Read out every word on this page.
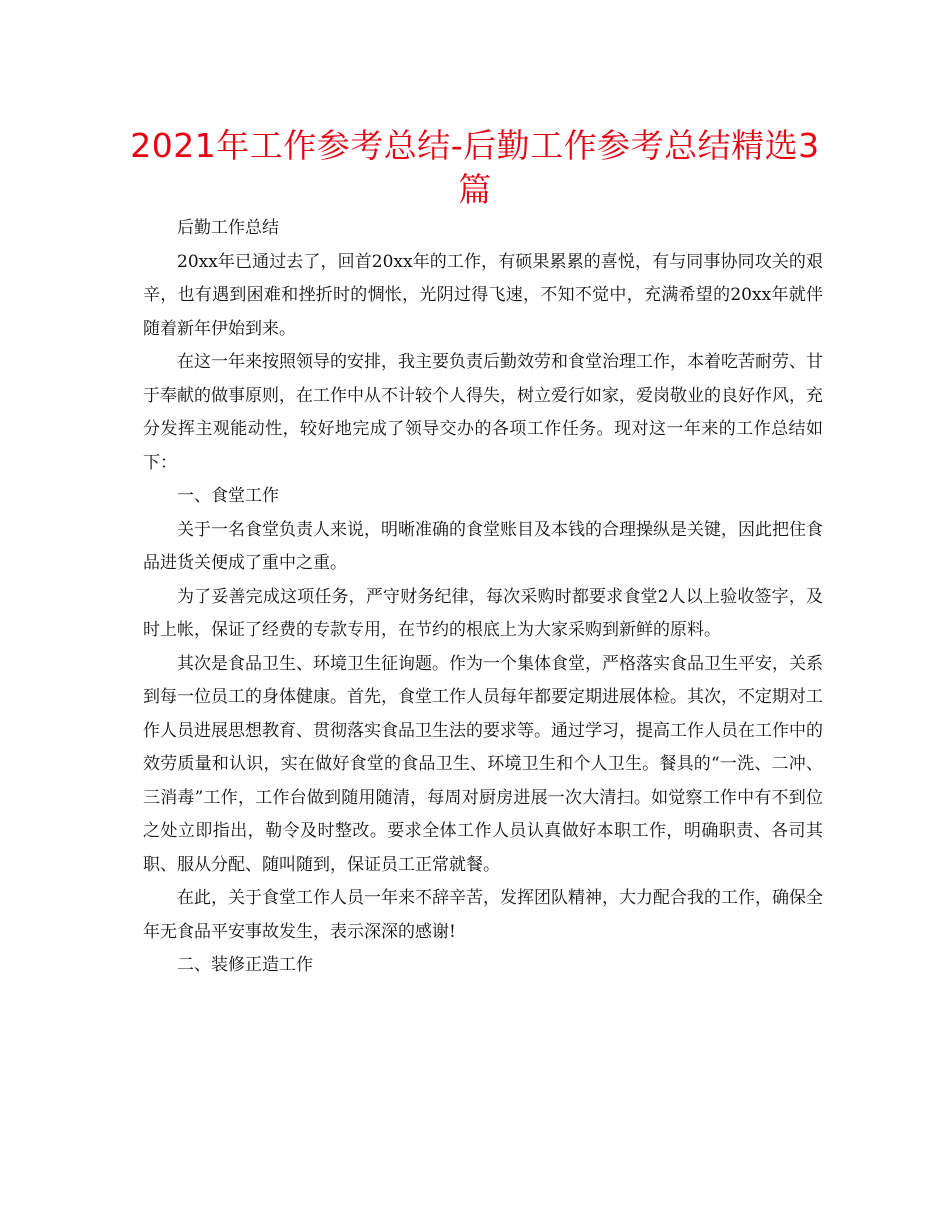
2021年工作参考总结-后勤工作参考总结精选3篇

后勤工作总结

20xx年已通过去了，回首20xx年的工作，有硕果累累的喜悦，有与同事协同攻关的艰辛，也有遇到困难和挫折时的惆怅，光阴过得飞速，不知不觉中，充满希望的20xx年就伴随着新年伊始到来。

在这一年来按照领导的安排，我主要负责后勤效劳和食堂治理工作，本着吃苦耐劳、甘于奉献的做事原则，在工作中从不计较个人得失，树立爱行如家，爱岗敬业的良好作风，充分发挥主观能动性，较好地完成了领导交办的各项工作任务。现对这一年来的工作总结如下：

一、食堂工作

关于一名食堂负责人来说，明晰准确的食堂账目及本钱的合理操纵是关键，因此把住食品进货关便成了重中之重。

为了妥善完成这项任务，严守财务纪律，每次采购时都要求食堂2人以上验收签字，及时上帐，保证了经费的专款专用，在节约的根底上为大家采购到新鲜的原料。

其次是食品卫生、环境卫生征询题。作为一个集体食堂，严格落实食品卫生平安，关系到每一位员工的身体健康。首先，食堂工作人员每年都要定期进展体检。其次，不定期对工作人员进展思想教育、贯彻落实食品卫生法的要求等。通过学习，提高工作人员在工作中的效劳质量和认识，实在做好食堂的食品卫生、环境卫生和个人卫生。餐具的“一洗、二冲、三消毒”工作，工作台做到随用随清，每周对厨房进展一次大清扫。如觉察工作中有不到位之处立即指出，勒令及时整改。要求全体工作人员认真做好本职工作，明确职责、各司其职、服从分配、随叫随到，保证员工正常就餐。

在此，关于食堂工作人员一年来不辞辛苦，发挥团队精神，大力配合我的工作，确保全年无食品平安事故发生，表示深深的感谢!

二、装修正造工作
